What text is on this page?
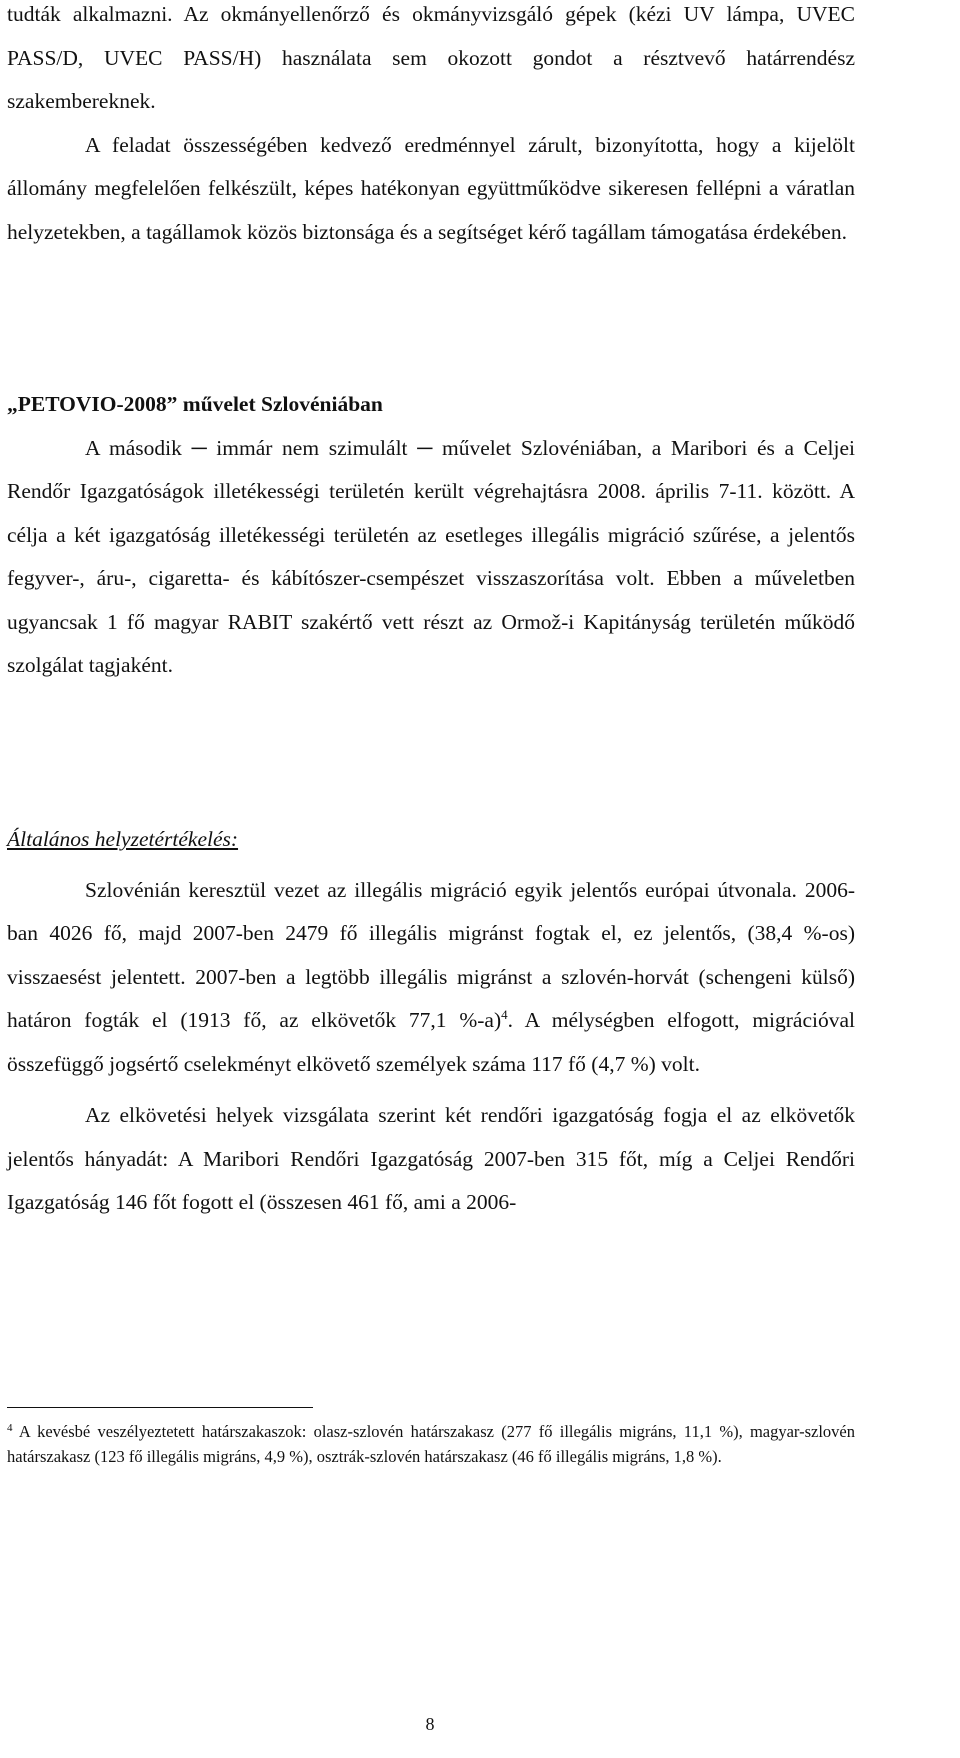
tudták alkalmazni. Az okmányellenőrző és okmányvizsgáló gépek (kézi UV lámpa, UVEC PASS/D, UVEC PASS/H) használata sem okozott gondot a résztvevő határrendész szakembereknek.

A feladat összességében kedvező eredménnyel zárult, bizonyította, hogy a kijelölt állomány megfelelően felkészült, képes hatékonyan együttműködve sikeresen fellépni a váratlan helyzetekben, a tagállamok közös biztonsága és a segítséget kérő tagállam támogatása érdekében.

„PETOVIO-2008” művelet Szlovéniában

A második ─ immár nem szimulált ─ művelet Szlovéniában, a Maribori és a Celjei Rendőr Igazgatóságok illetékességi területén került végrehajtásra 2008. április 7-11. között. A célja a két igazgatóság illetékességi területén az esetleges illegális migráció szűrése, a jelentős fegyver-, áru-, cigaretta- és kábítószer-csempészet visszaszorítása volt. Ebben a műveletben ugyancsak 1 fő magyar RABIT szakértő vett részt az Ormož-i Kapitányság területén működő szolgálat tagjaként.

Általános helyzetértékelés:

Szlovénián keresztül vezet az illegális migráció egyik jelentős európai útvonala. 2006-ban 4026 fő, majd 2007-ben 2479 fő illegális migránst fogtak el, ez jelentős, (38,4 %-os) visszaesést jelentett. 2007-ben a legtöbb illegális migránst a szlovén-horvát (schengeni külső) határon fogták el (1913 fő, az elkövetők 77,1 %-a)$^4$. A mélységben elfogott, migrációval összefüggő jogsértő cselekményt elkövető személyek száma 117 fő (4,7 %) volt.

Az elkövetési helyek vizsgálata szerint két rendőri igazgatóság fogja el az elkövetők jelentős hányadát: A Maribori Rendőri Igazgatóság 2007-ben 315 főt, míg a Celjei Rendőri Igazgatóság 146 főt fogott el (összesen 461 fő, ami a 2006-

$^4$ A kevésbé veszélyeztetett határszakaszok: olasz-szlovén határszakasz (277 fő illegális migráns, 11,1 %), magyar-szlovén határszakasz (123 fő illegális migráns, 4,9 %), osztrák-szlovén határszakasz (46 fő illegális migráns, 1,8 %).

8
